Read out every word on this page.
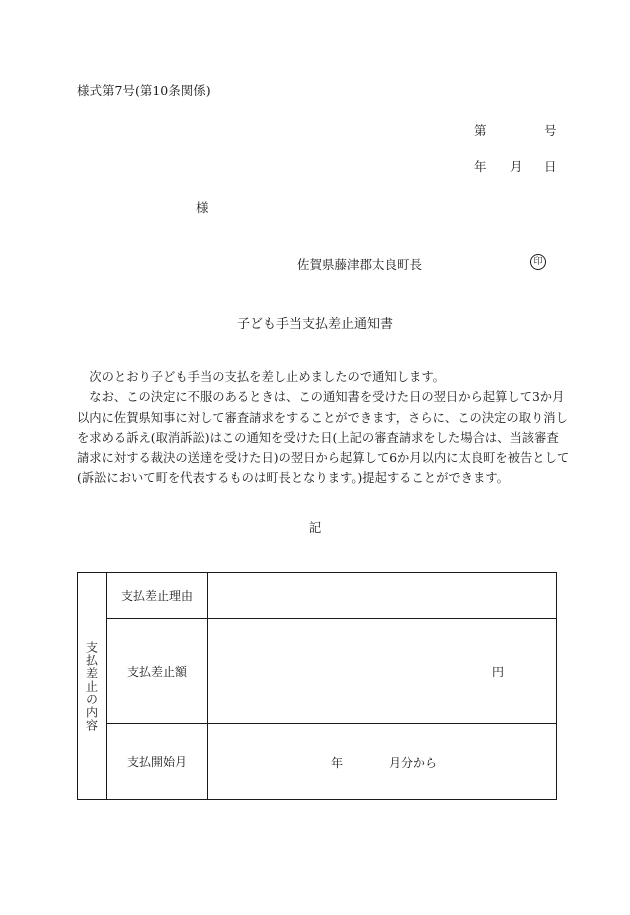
様式第7号(第10条関係)
第	号
年 月 日
様
佐賀県藤津郡太良町長	印
子ども手当支払差止通知書

　次のとおり子ども手当の支払を差し止めましたので通知します。

　なお、この決定に不服のあるときは、この通知書を受けた日の翌日から起算して3か月

以内に佐賀県知事に対して審査請求をすることができます，さらに、この決定の取り消し

を求める訴え(取消訴訟)はこの通知を受けた日(上記の審査請求をした場合は、当該審査

請求に対する裁決の送達を受けた日)の翌日から起算して6か月以内に太良町を被告として

(訴訟において町を代表するものは町長となります。)提起することができます。

記
支払差止の内容	支払差止理由	
	支払差止額	円
	支払開始月	年 月分から
